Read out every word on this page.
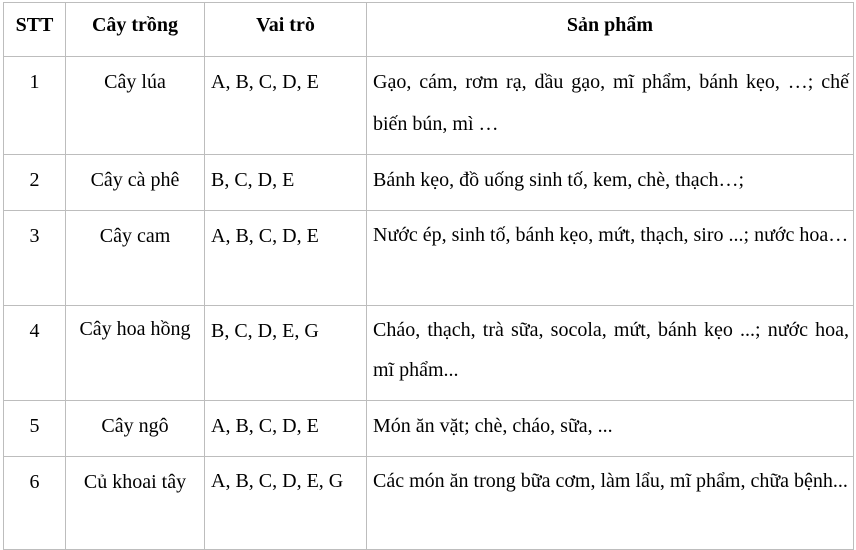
STT	Cây trồng	Vai trò	Sản phẩm
1	Cây lúa	A, B, C, D, E	Gạo, cám, rơm rạ, dầu gạo, mĩ phẩm, bánh kẹo, …; chế biến bún, mì …
2	Cây cà phê	B, C, D, E	Bánh kẹo, đồ uống sinh tố, kem, chè, thạch…;
3	Cây cam	A, B, C, D, E	Nước ép, sinh tố, bánh kẹo, mứt, thạch, siro ...; nước hoa…
4	Cây hoa hồng	B, C, D, E, G	Cháo, thạch, trà sữa, socola, mứt, bánh kẹo ...; nước hoa, mĩ phẩm...
5	Cây ngô	A, B, C, D, E	Món ăn vặt; chè, cháo, sữa, ...
6	Củ khoai tây	A, B, C, D, E, G	Các món ăn trong bữa cơm, làm lẩu, mĩ phẩm, chữa bệnh...
